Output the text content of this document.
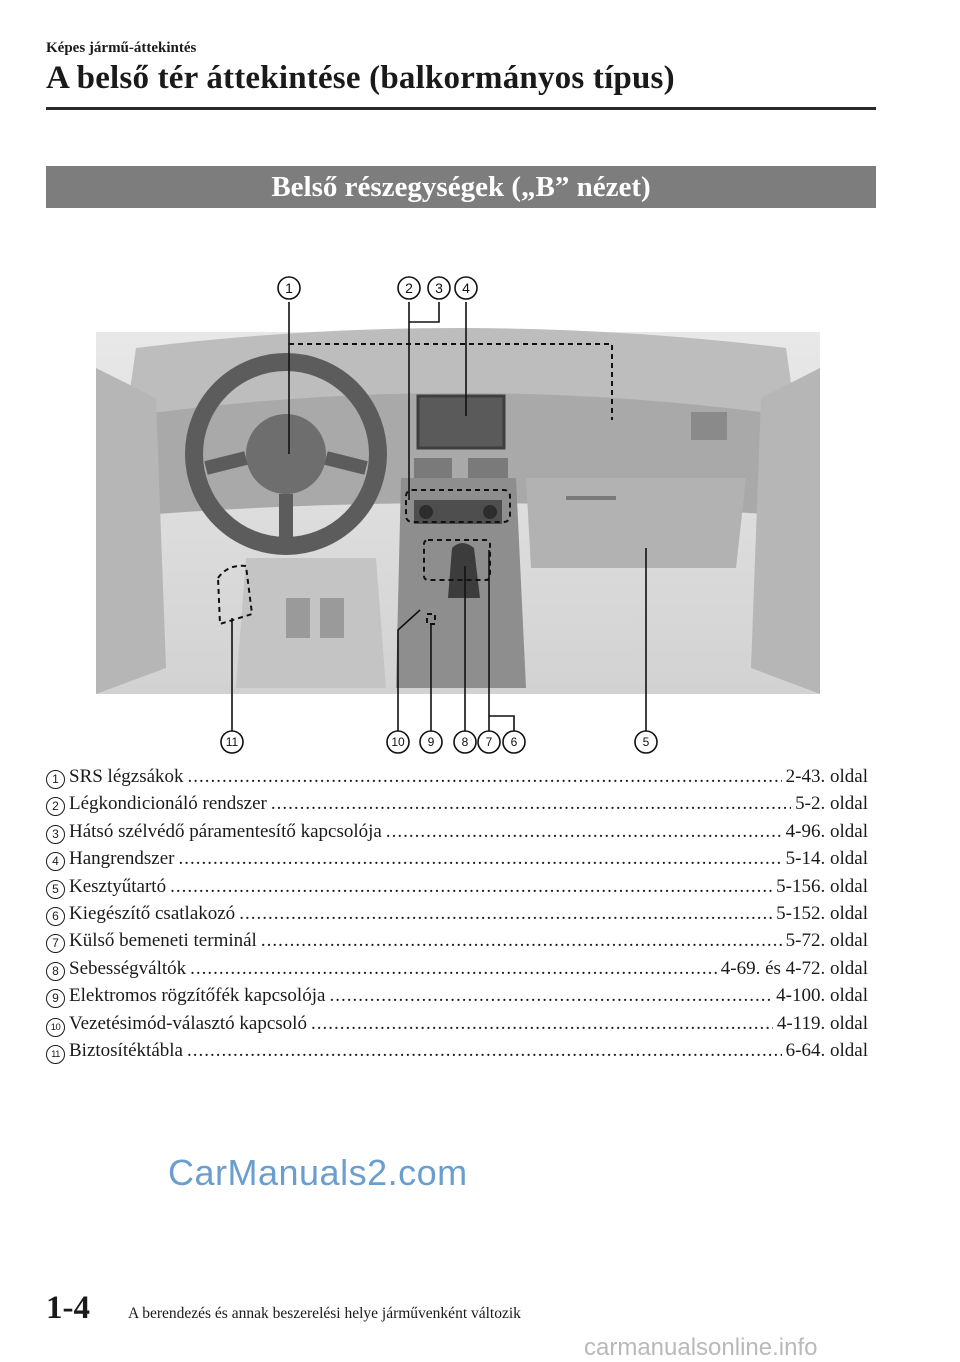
Képes jármű-áttekintés
A belső tér áttekintése (balkormányos típus)
Belső részegységek („B” nézet)
1	2 3 4
11	10 9 8 7 6	5
1 SRS légzsákok .....	2-43. oldal
2 Légkondicionáló rendszer .....	5-2. oldal
3 Hátsó szélvédő páramentesítő kapcsolója .....	4-96. oldal
4 Hangrendszer .....	5-14. oldal
5 Kesztyűtartó .....	5-156. oldal
6 Kiegészítő csatlakozó .....	5-152. oldal
7 Külső bemeneti terminál .....	5-72. oldal
8 Sebességváltók .....	4-69. és 4-72. oldal
9 Elektromos rögzítőfék kapcsolója .....	4-100. oldal
10 Vezetésimód-választó kapcsoló .....	4-119. oldal
11 Biztosítéktábla .....	6-64. oldal
CarManuals2.com
1-4 A berendezés és annak beszerelési helye járművenként változik
carmanualsonline.info
